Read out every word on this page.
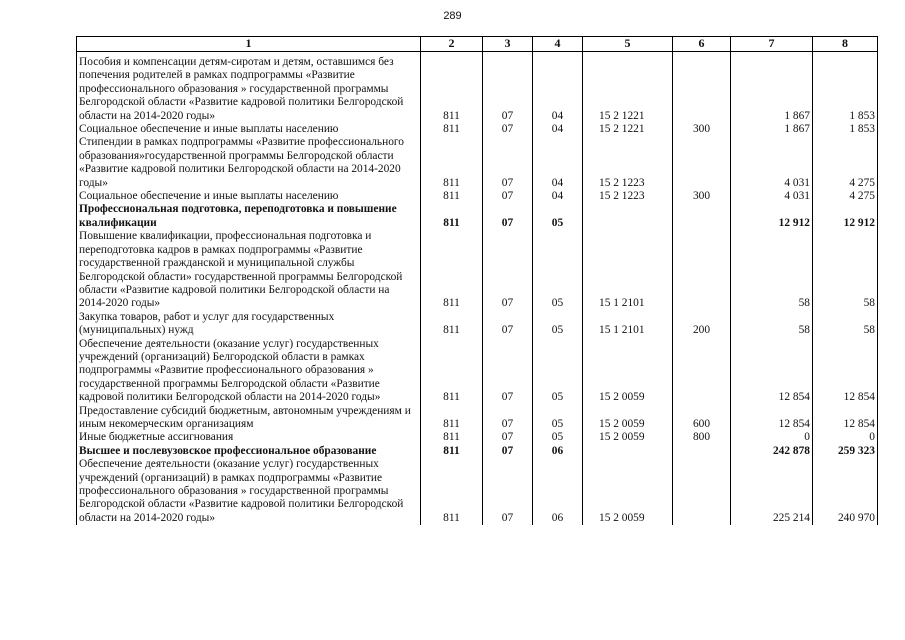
289
1	2	3	4	5	6	7	8
Пособия и компенсации детям-сиротам и детям, оставшимся без попечения родителей в рамках подпрограммы «Развитие профессионального образования » государственной программы Белгородской области «Развитие кадровой политики Белгородской области на 2014-2020 годы»	811	07	04	15 2 1221		1 867	1 853
Социальное обеспечение и иные выплаты населению	811	07	04	15 2 1221	300	1 867	1 853
Стипендии в рамках подпрограммы «Развитие профессионального образования»государственной программы Белгородской области «Развитие кадровой политики Белгородской области на 2014-2020 годы»	811	07	04	15 2 1223		4 031	4 275
Социальное обеспечение и иные выплаты населению	811	07	04	15 2 1223	300	4 031	4 275
Профессиональная подготовка, переподготовка и повышение квалификации	811	07	05			12 912	12 912
Повышение квалификации, профессиональная подготовка и переподготовка кадров в рамках подпрограммы «Развитие государственной гражданской и муниципальной службы Белгородской области» государственной программы Белгородской области «Развитие кадровой политики Белгородской области на 2014-2020 годы»	811	07	05	15 1 2101		58	58
Закупка товаров, работ и услуг для государственных (муниципальных) нужд	811	07	05	15 1 2101	200	58	58
Обеспечение деятельности (оказание услуг) государственных учреждений (организаций) Белгородской области в рамках подпрограммы «Развитие профессионального образования » государственной программы Белгородской области «Развитие кадровой политики Белгородской области на 2014-2020 годы»	811	07	05	15 2 0059		12 854	12 854
Предоставление субсидий бюджетным, автономным учреждениям и иным некомерческим организациям	811	07	05	15 2 0059	600	12 854	12 854
Иные бюджетные ассигнования	811	07	05	15 2 0059	800	0	0
Высшее и послевузовское профессиональное образование	811	07	06			242 878	259 323
Обеспечение деятельности (оказание услуг) государственных учреждений (организаций) в рамках подпрограммы «Развитие профессионального образования » государственной программы Белгородской области «Развитие кадровой политики Белгородской области на 2014-2020 годы»	811	07	06	15 2 0059		225 214	240 970
